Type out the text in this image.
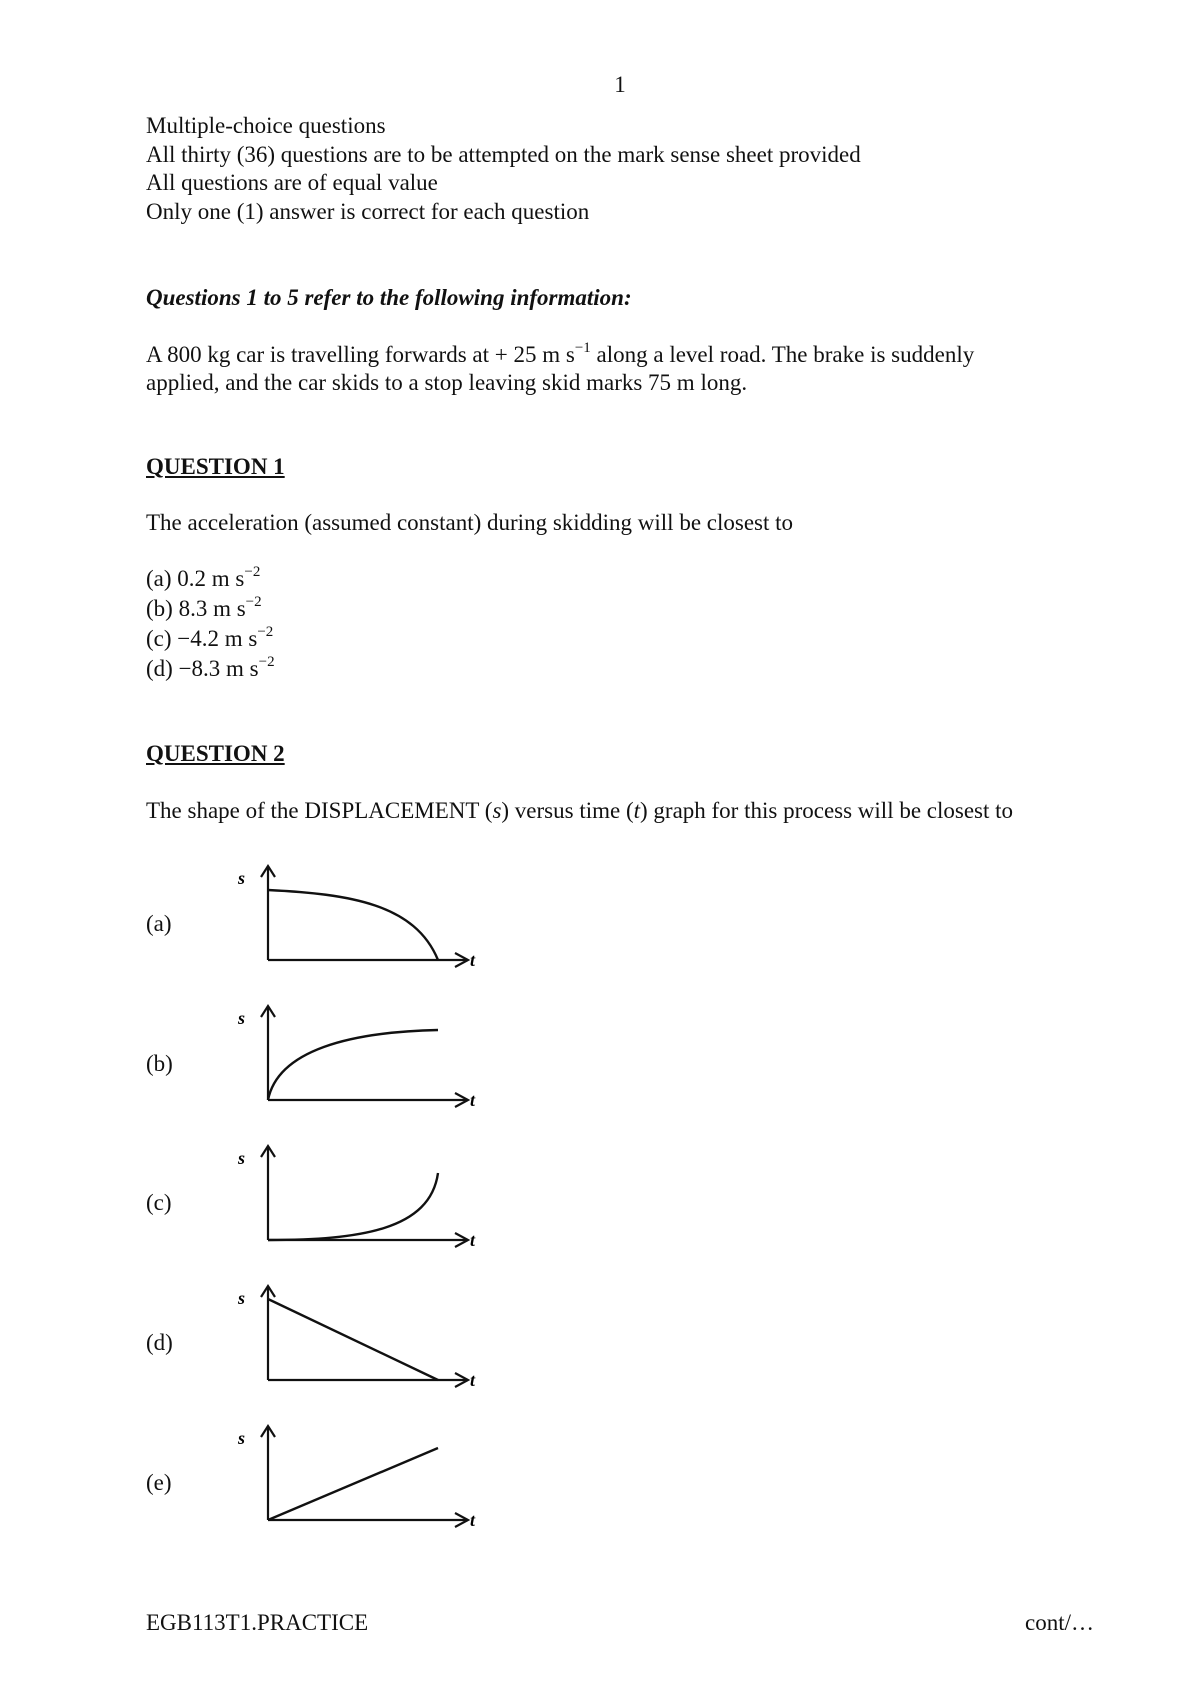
1
Multiple-choice questions
All thirty (36) questions are to be attempted on the mark sense sheet provided
All questions are of equal value
Only one (1) answer is correct for each question
Questions 1 to 5 refer to the following information:
A 800 kg car is travelling forwards at + 25 m $s^{-1}$ along a level road. The brake is suddenly
applied, and the car skids to a stop leaving skid marks 75 m long.
QUESTION 1
The acceleration (assumed constant) during skidding will be closest to
(a) 0.2 m $s^{-2}$
(b) 8.3 m $s^{-2}$
(c) −4.2 m $s^{-2}$
(d) −8.3 m $s^{-2}$
QUESTION 2
The shape of the DISPLACEMENT (s) versus time (t) graph for this process will be closest to
(a)
(b)
(c)
(d)
(e)
s
t
s
t
s
t
s
t
s
t
EGB113T1.PRACTICE	cont/…
